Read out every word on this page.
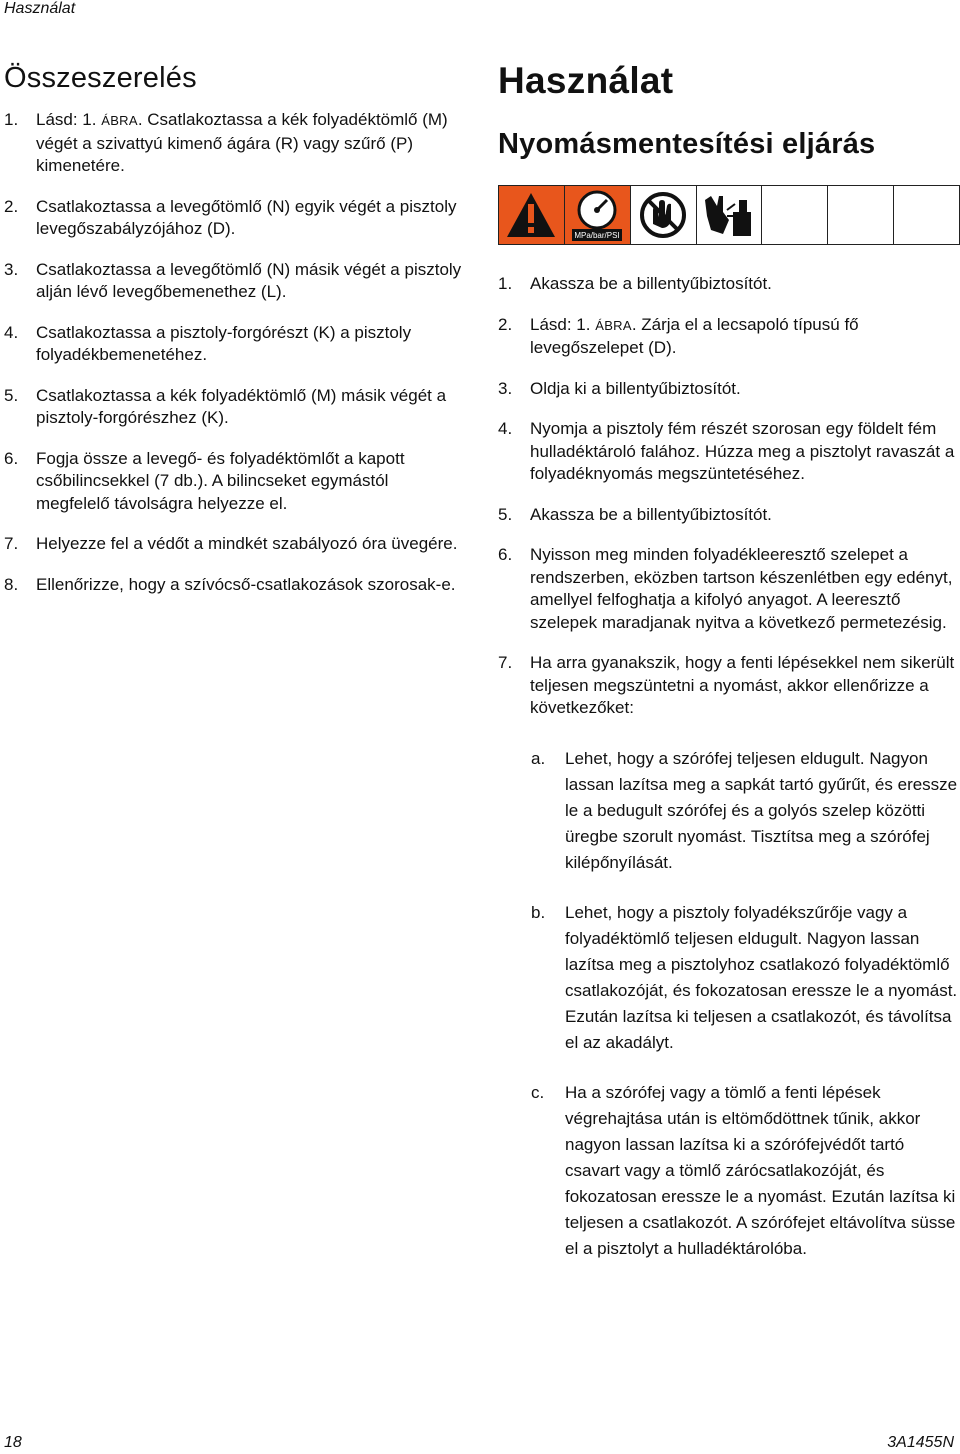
Használat
Összeszerelés
1. Lásd: 1. ÁBRA. Csatlakoztassa a kék folyadéktömlő (M) végét a szivattyú kimenő ágára (R) vagy szűrő (P) kimenetére.
2. Csatlakoztassa a levegőtömlő (N) egyik végét a pisztoly levegőszabályzójához (D).
3. Csatlakoztassa a levegőtömlő (N) másik végét a pisztoly alján lévő levegőbemenethez (L).
4. Csatlakoztassa a pisztoly-forgórészt (K) a pisztoly folyadékbemenetéhez.
5. Csatlakoztassa a kék folyadéktömlő (M) másik végét a pisztoly-forgórészhez (K).
6. Fogja össze a levegő- és folyadéktömlőt a kapott csőbilincsekkel (7 db.). A bilincseket egymástól megfelelő távolságra helyezze el.
7. Helyezze fel a védőt a mindkét szabályozó óra üvegére.
8. Ellenőrizze, hogy a szívócső-csatlakozások szorosak-e.
Használat
Nyomásmentesítési eljárás
MPa/bar/PSI
1. Akassza be a billentyűbiztosítót.
2. Lásd: 1. ÁBRA. Zárja el a lecsapoló típusú fő levegőszelepet (D).
3. Oldja ki a billentyűbiztosítót.
4. Nyomja a pisztoly fém részét szorosan egy földelt fém hulladéktároló falához. Húzza meg a pisztolyt ravaszát a folyadéknyomás megszüntetéséhez.
5. Akassza be a billentyűbiztosítót.
6. Nyisson meg minden folyadékleeresztő szelepet a rendszerben, eközben tartson készenlétben egy edényt, amellyel felfoghatja a kifolyó anyagot. A leeresztő szelepek maradjanak nyitva a következő permetezésig.
7. Ha arra gyanakszik, hogy a fenti lépésekkel nem sikerült teljesen megszüntetni a nyomást, akkor ellenőrizze a következőket:
a. Lehet, hogy a szórófej teljesen eldugult. Nagyon lassan lazítsa meg a sapkát tartó gyűrűt, és eressze le a bedugult szórófej és a golyós szelep közötti üregbe szorult nyomást. Tisztítsa meg a szórófej kilépőnyílását.
b. Lehet, hogy a pisztoly folyadékszűrője vagy a folyadéktömlő teljesen eldugult. Nagyon lassan lazítsa meg a pisztolyhoz csatlakozó folyadéktömlő csatlakozóját, és fokozatosan eressze le a nyomást. Ezután lazítsa ki teljesen a csatlakozót, és távolítsa el az akadályt.
c. Ha a szórófej vagy a tömlő a fenti lépések végrehajtása után is eltömődöttnek tűnik, akkor nagyon lassan lazítsa ki a szórófejvédőt tartó csavart vagy a tömlő zárócsatlakozóját, és fokozatosan eressze le a nyomást. Ezután lazítsa ki teljesen a csatlakozót. A szórófejet eltávolítva süsse el a pisztolyt a hulladéktárolóba.
18	3A1455N
